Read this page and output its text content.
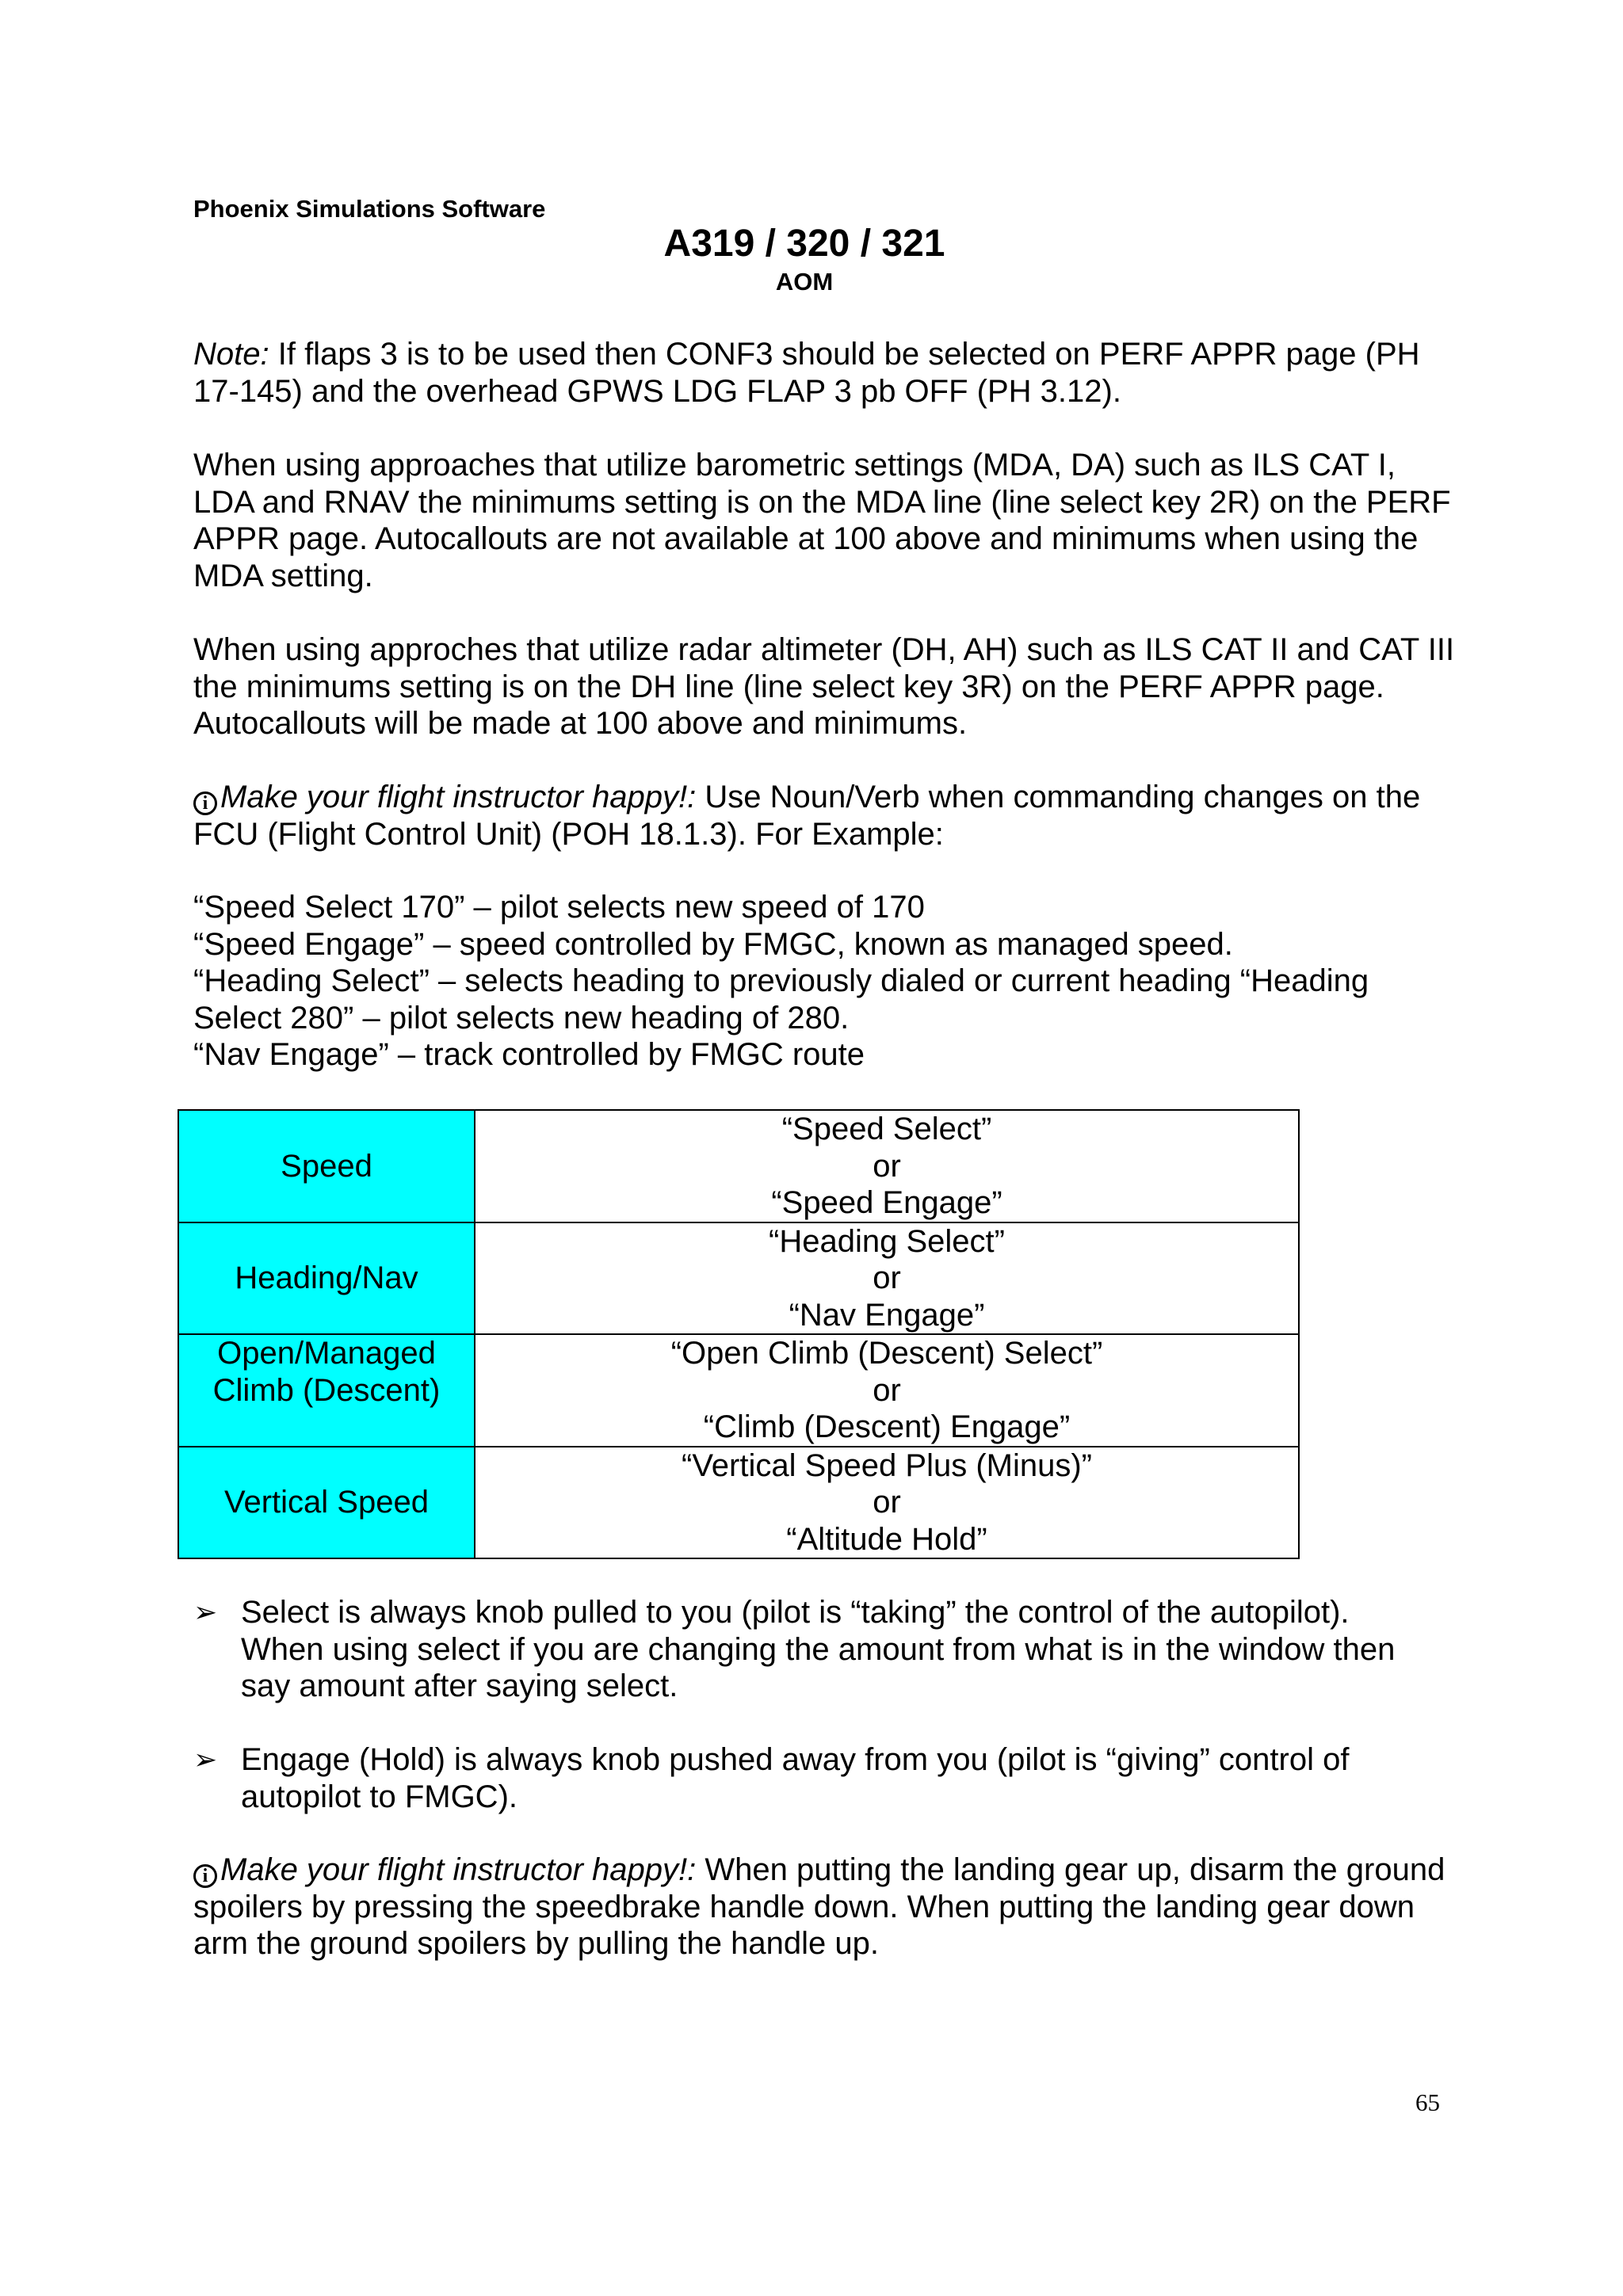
Phoenix Simulations Software
A319 / 320 / 321
AOM

Note: If flaps 3 is to be used then CONF3 should be selected on PERF APPR page (PH 17-145) and the overhead GPWS LDG FLAP 3 pb OFF (PH 3.12).

When using approaches that utilize barometric settings (MDA, DA) such as ILS CAT I, LDA and RNAV the minimums setting is on the MDA line (line select key 2R) on the PERF APPR page. Autocallouts are not available at 100 above and minimums when using the MDA setting.

When using approches that utilize radar altimeter (DH, AH) such as ILS CAT II and CAT III the minimums setting is on the DH line (line select key 3R) on the PERF APPR page. Autocallouts will be made at 100 above and minimums.

i Make your flight instructor happy!: Use Noun/Verb when commanding changes on the FCU (Flight Control Unit) (POH 18.1.3). For Example:

“Speed Select 170” – pilot selects new speed of 170

“Speed Engage” – speed controlled by FMGC, known as managed speed.

“Heading Select” – selects heading to previously dialed or current heading “Heading Select 280” – pilot selects new heading of 280.

“Nav Engage” – track controlled by FMGC route

Speed	“Speed Select”
or
“Speed Engage”

Heading/Nav	“Heading Select”
or
“Nav Engage”

Open/Managed
Climb (Descent)	“Open Climb (Descent) Select”
or
“Climb (Descent) Engage”

Vertical Speed	“Vertical Speed Plus (Minus)”
or
“Altitude Hold”
➢ Select is always knob pulled to you (pilot is “taking” the control of the autopilot). When using select if you are changing the amount from what is in the window then say amount after saying select.
➢ Engage (Hold) is always knob pushed away from you (pilot is “giving” control of autopilot to FMGC).

i Make your flight instructor happy!: When putting the landing gear up, disarm the ground spoilers by pressing the speedbrake handle down. When putting the landing gear down arm the ground spoilers by pulling the handle up.

65
